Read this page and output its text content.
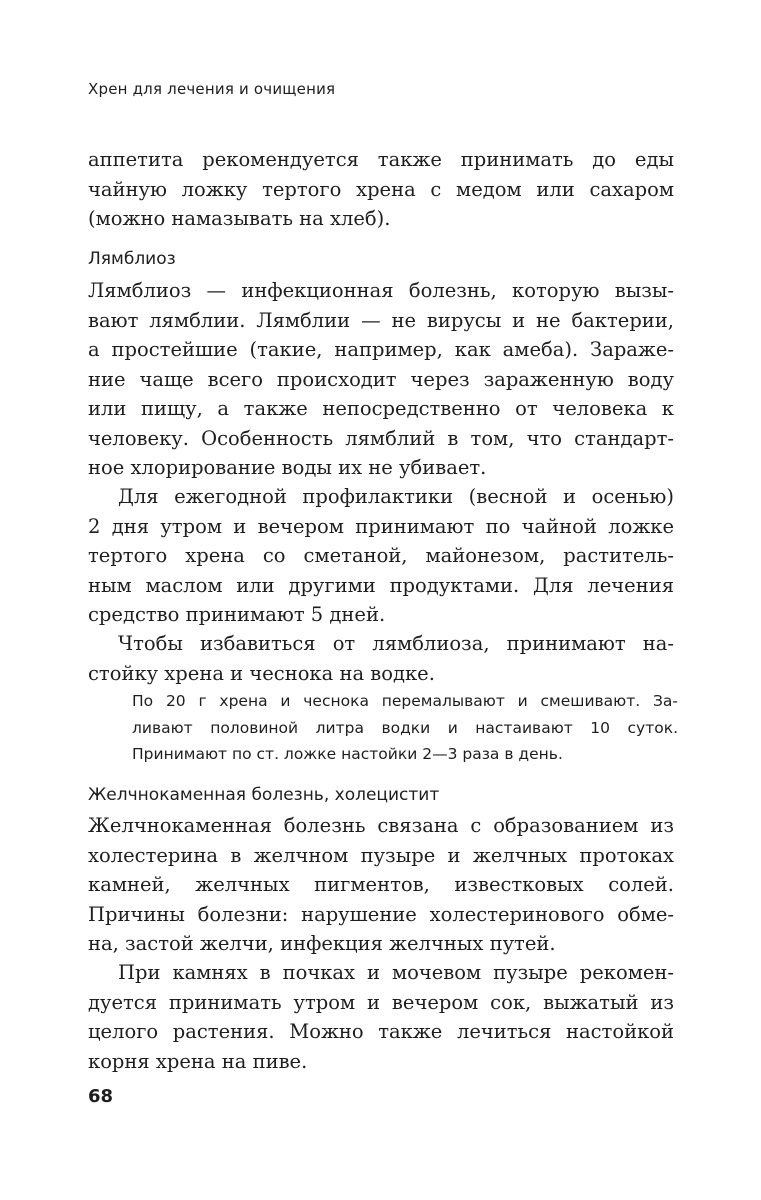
Хрен для лечения и очищения
аппетита рекомендуется также принимать до еды
чайную ложку тертого хрена с медом или сахаром
(можно намазывать на хлеб).
Лямблиоз
Лямблиоз — инфекционная болезнь, которую вызы-
вают лямблии. Лямблии — не вирусы и не бактерии,
а простейшие (такие, например, как амеба). Зараже-
ние чаще всего происходит через зараженную воду
или пищу, а также непосредственно от человека к
человеку. Особенность лямблий в том, что стандарт-
ное хлорирование воды их не убивает.
Для ежегодной профилактики (весной и осенью)
2 дня утром и вечером принимают по чайной ложке
тертого хрена со сметаной, майонезом, раститель-
ным маслом или другими продуктами. Для лечения
средство принимают 5 дней.
Чтобы избавиться от лямблиоза, принимают на-
стойку хрена и чеснока на водке.
По 20 г хрена и чеснока перемалывают и смешивают. За-
ливают половиной литра водки и настаивают 10 суток.
Принимают по ст. ложке настойки 2—3 раза в день.
Желчнокаменная болезнь, холецистит
Желчнокаменная болезнь связана с образованием из
холестерина в желчном пузыре и желчных протоках
камней, желчных пигментов, известковых солей.
Причины болезни: нарушение холестеринового обме-
на, застой желчи, инфекция желчных путей.
При камнях в почках и мочевом пузыре рекомен-
дуется принимать утром и вечером сок, выжатый из
целого растения. Можно также лечиться настойкой
корня хрена на пиве.
68
